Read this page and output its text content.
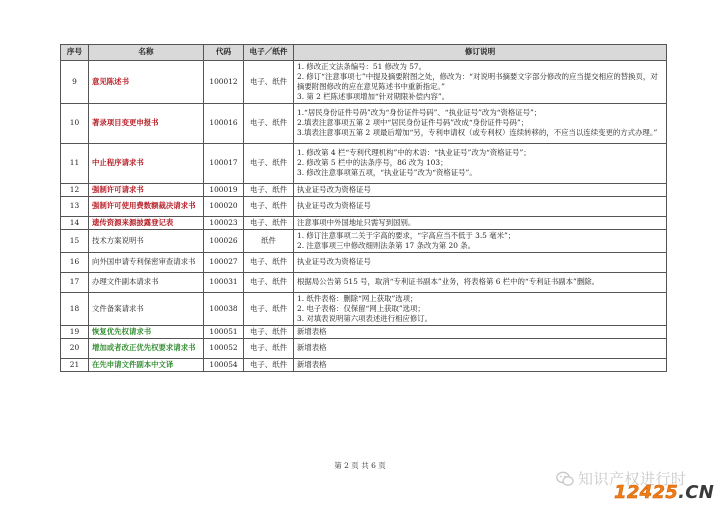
序号	名称	代码	电子／纸件	修订说明
9	意见陈述书	100012	电子、纸件	1. 修改正文法条编号：51 修改为 57。
2. 修订“注意事项七”中提及摘要附图之处，修改为：“对说明书摘要文字部分修改的应当提交相应的替换页，对摘要附图修改的应在意见陈述书中重新指定。”
3. 第 2 栏陈述事项增加“针对期限补偿内容”。

10	著录项目变更申报书	100016	电子、纸件	1.“居民身份证件号码”改为“身份证件号码”、“执业证号”改为“资格证号”；
2.填表注意事项五第 2 项中“居民身份证件号码”改成“身份证件号码”；
3.填表注意事项五第 2 项最后增加“另，专利申请权（或专利权）连续转移的，不应当以连续变更的方式办理。”

11	中止程序请求书	100017	电子、纸件	1. 修改第 4 栏“专利代理机构”中的术语：“执业证号”改为“资格证号”；
2. 修改第 5 栏中的法条序号，86 改为 103；
3. 修改注意事项第五项，“执业证号”改为“资格证号”。

12	强制许可请求书	100019	电子、纸件	执业证号改为资格证号

13	强制许可使用费数额裁决请求书	100020	电子、纸件	执业证号改为资格证号

14	遗传资源来源披露登记表	100023	电子、纸件	注意事项中外国地址只需写到国别。

15	技术方案说明书	100026	纸件	1. 修订注意事项二关于字高的要求，“字高应当不低于 3.5 毫米”；
2. 注意事项三中修改细则法条第 17 条改为第 20 条。

16	向外国申请专利保密审查请求书	100027	电子、纸件	执业证号改为资格证号

17	办理文件副本请求书	100031	电子、纸件	根据局公告第 515 号，取消“专利证书副本”业务，将表格第 6 栏中的“专利证书副本”删除。

18	文件备案请求书	100038	电子、纸件	1. 纸件表格：删除“网上获取”选项；
2. 电子表格：仅保留“网上获取”选项；
3. 对填表说明第六项表述进行相应修订。

19	恢复优先权请求书	100051	电子、纸件	新增表格

20	增加或者改正优先权要求请求书	100052	电子、纸件	新增表格

21	在先申请文件副本中文译	100054	电子、纸件	新增表格
第 2 页 共 6 页
知识产权进行时
12425.CN
